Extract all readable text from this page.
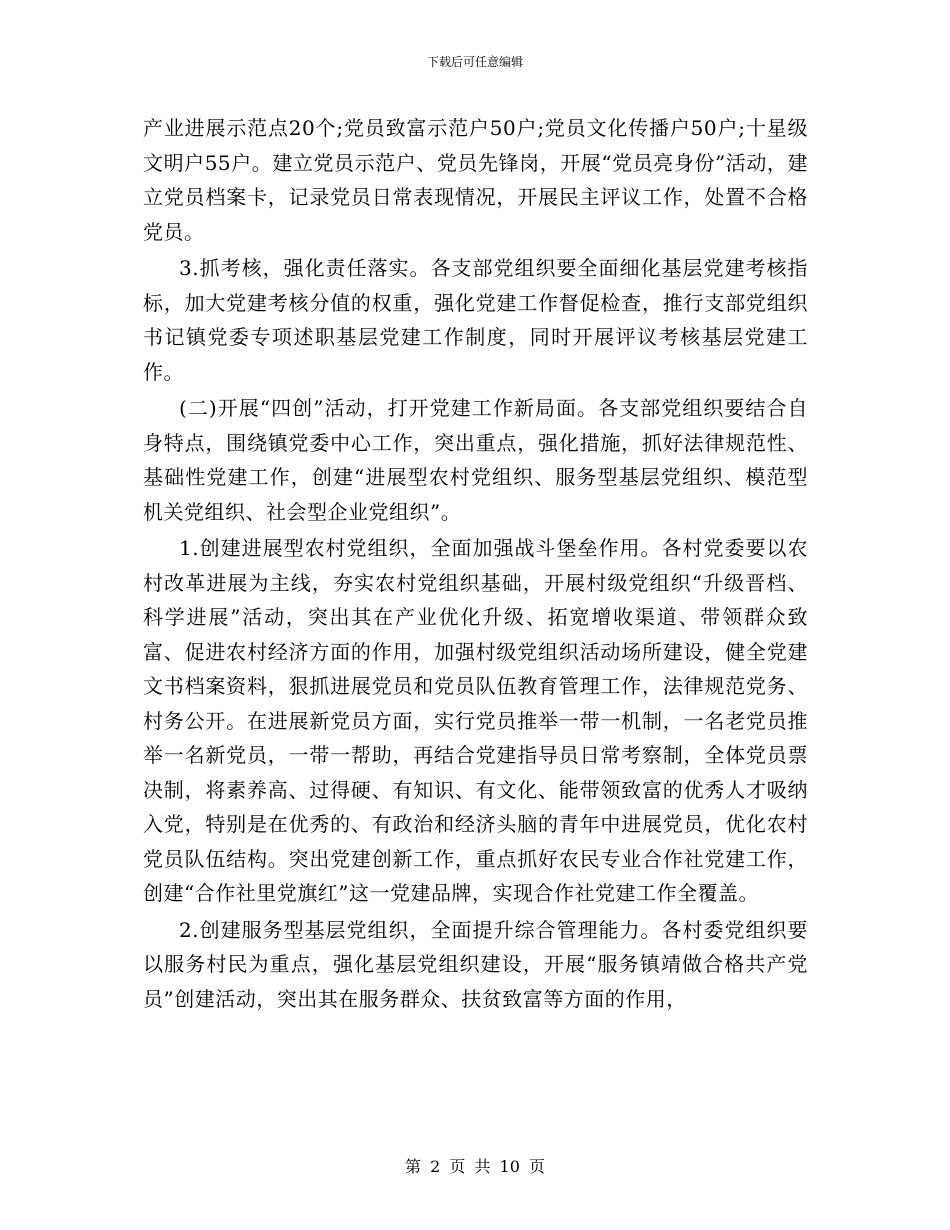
下载后可任意编辑

产业进展示范点20个;党员致富示范户50户;党员文化传播户50户;十星级文明户55户。建立党员示范户、党员先锋岗，开展“党员亮身份”活动，建立党员档案卡，记录党员日常表现情况，开展民主评议工作，处置不合格党员。

3.抓考核，强化责任落实。各支部党组织要全面细化基层党建考核指标，加大党建考核分值的权重，强化党建工作督促检查，推行支部党组织书记镇党委专项述职基层党建工作制度，同时开展评议考核基层党建工作。

(二)开展“四创”活动，打开党建工作新局面。各支部党组织要结合自身特点，围绕镇党委中心工作，突出重点，强化措施，抓好法律规范性、基础性党建工作，创建“进展型农村党组织、服务型基层党组织、模范型机关党组织、社会型企业党组织”。

1.创建进展型农村党组织，全面加强战斗堡垒作用。各村党委要以农村改革进展为主线，夯实农村党组织基础，开展村级党组织“升级晋档、科学进展”活动，突出其在产业优化升级、拓宽增收渠道、带领群众致富、促进农村经济方面的作用，加强村级党组织活动场所建设，健全党建文书档案资料，狠抓进展党员和党员队伍教育管理工作，法律规范党务、村务公开。在进展新党员方面，实行党员推举一带一机制，一名老党员推举一名新党员，一带一帮助，再结合党建指导员日常考察制，全体党员票决制，将素养高、过得硬、有知识、有文化、能带领致富的优秀人才吸纳入党，特别是在优秀的、有政治和经济头脑的青年中进展党员，优化农村党员队伍结构。突出党建创新工作，重点抓好农民专业合作社党建工作，创建“合作社里党旗红”这一党建品牌，实现合作社党建工作全覆盖。

2.创建服务型基层党组织，全面提升综合管理能力。各村委党组织要以服务村民为重点，强化基层党组织建设，开展“服务镇靖做合格共产党员”创建活动，突出其在服务群众、扶贫致富等方面的作用，

第 2 页 共 10 页
